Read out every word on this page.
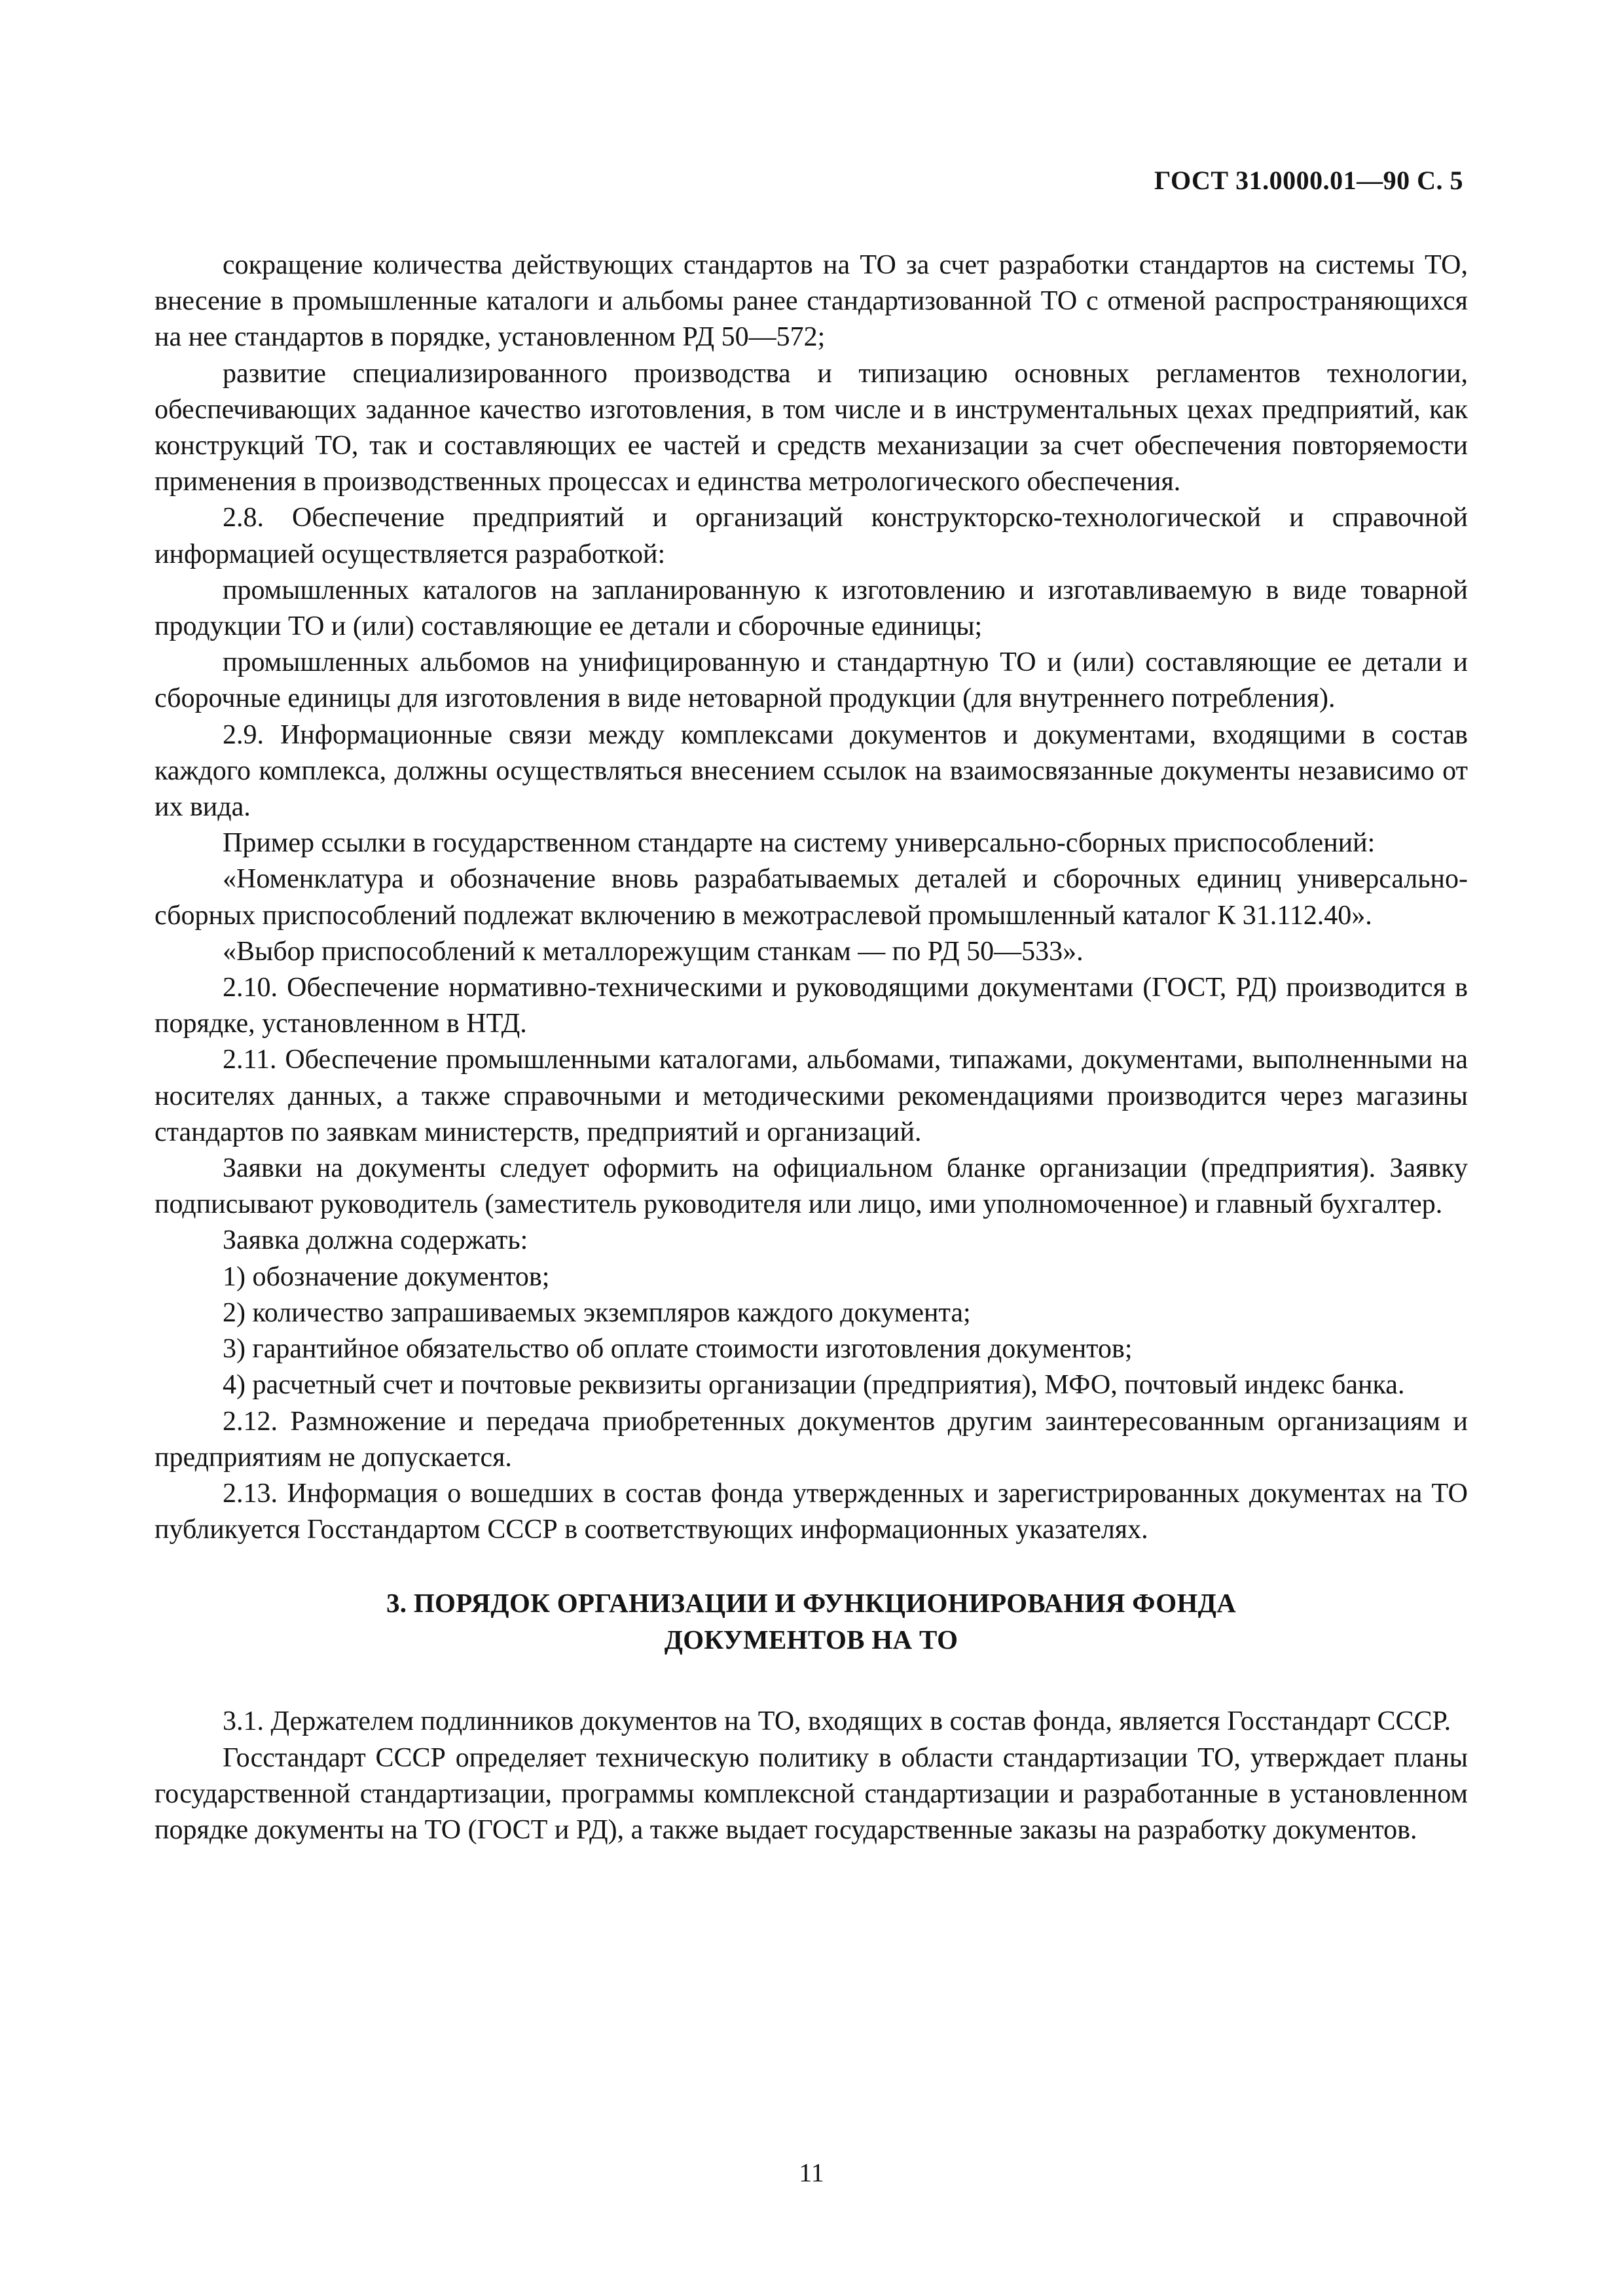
ГОСТ 31.0000.01—90 С. 5

сокращение количества действующих стандартов на ТО за счет разработки стандартов на системы ТО, внесение в промышленные каталоги и альбомы ранее стандартизованной ТО с отменой распространяющихся на нее стандартов в порядке, установленном РД 50—572;

развитие специализированного производства и типизацию основных регламентов технологии, обеспечивающих заданное качество изготовления, в том числе и в инструментальных цехах предприятий, как конструкций ТО, так и составляющих ее частей и средств механизации за счет обеспечения повторяемости применения в производственных процессах и единства метрологического обеспечения.

2.8. Обеспечение предприятий и организаций конструкторско-технологической и справочной информацией осуществляется разработкой:

промышленных каталогов на запланированную к изготовлению и изготавливаемую в виде товарной продукции ТО и (или) составляющие ее детали и сборочные единицы;

промышленных альбомов на унифицированную и стандартную ТО и (или) составляющие ее детали и сборочные единицы для изготовления в виде нетоварной продукции (для внутреннего потребления).

2.9. Информационные связи между комплексами документов и документами, входящими в состав каждого комплекса, должны осуществляться внесением ссылок на взаимосвязанные документы независимо от их вида.

Пример ссылки в государственном стандарте на систему универсально-сборных приспособлений:

«Номенклатура и обозначение вновь разрабатываемых деталей и сборочных единиц универсально-сборных приспособлений подлежат включению в межотраслевой промышленный каталог К 31.112.40».

«Выбор приспособлений к металлорежущим станкам — по РД 50—533».

2.10. Обеспечение нормативно-техническими и руководящими документами (ГОСТ, РД) производится в порядке, установленном в НТД.

2.11. Обеспечение промышленными каталогами, альбомами, типажами, документами, выполненными на носителях данных, а также справочными и методическими рекомендациями производится через магазины стандартов по заявкам министерств, предприятий и организаций.

Заявки на документы следует оформить на официальном бланке организации (предприятия). Заявку подписывают руководитель (заместитель руководителя или лицо, ими уполномоченное) и главный бухгалтер.

Заявка должна содержать:

1) обозначение документов;

2) количество запрашиваемых экземпляров каждого документа;

3) гарантийное обязательство об оплате стоимости изготовления документов;

4) расчетный счет и почтовые реквизиты организации (предприятия), МФО, почтовый индекс банка.

2.12. Размножение и передача приобретенных документов другим заинтересованным организациям и предприятиям не допускается.

2.13. Информация о вошедших в состав фонда утвержденных и зарегистрированных документах на ТО публикуется Госстандартом СССР в соответствующих информационных указателях.

3. ПОРЯДОК ОРГАНИЗАЦИИ И ФУНКЦИОНИРОВАНИЯ ФОНДА
ДОКУМЕНТОВ НА ТО

3.1. Держателем подлинников документов на ТО, входящих в состав фонда, является Госстандарт СССР.

Госстандарт СССР определяет техническую политику в области стандартизации ТО, утверждает планы государственной стандартизации, программы комплексной стандартизации и разработанные в установленном порядке документы на ТО (ГОСТ и РД), а также выдает государственные заказы на разработку документов.

11
